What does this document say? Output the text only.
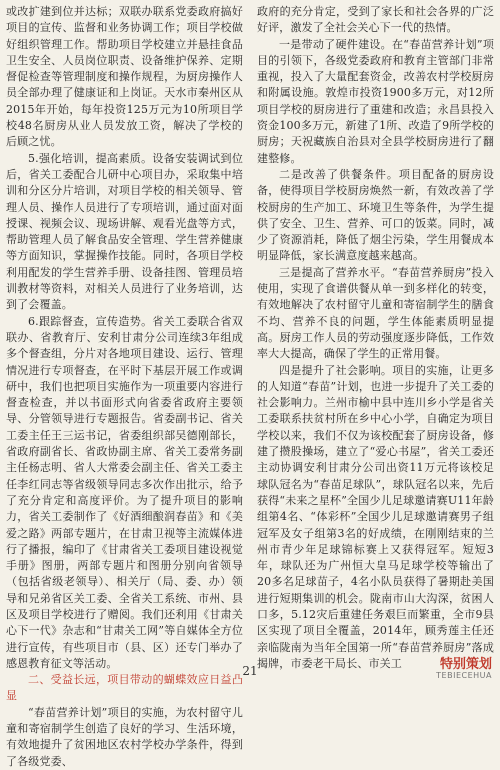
或改扩建到位并达标；双联办联系党委政府搞好项目的宣传、监督和业务协调工作；项目学校做好组织管理工作。帮助项目学校建立并悬挂食品卫生安全、人员岗位职责、设备维护保养、定期督促检查等管理制度和操作规程，为厨房操作人员全部办理了健康证和上岗证。天水市秦州区从2015年开始，每年投资125万元为10所项目学校48名厨房从业人员发放工资，解决了学校的后顾之忧。

5.强化培训，提高素质。设备安装调试到位后，省关工委配合儿研中心项目办，采取集中培训和分区分片培训，对项目学校的相关领导、管理人员、操作人员进行了专项培训，通过面对面授课、视频会议、现场讲解、观看光盘等方式，帮助管理人员了解食品安全管理、学生营养健康等方面知识，掌握操作技能。同时，各项目学校利用配发的学生营养手册、设备挂图、管理员培训教材等资料，对相关人员进行了业务培训，达到了会覆盖。

6.跟踪督查，宣传造势。省关工委联合省双联办、省教育厅、安利甘肃分公司连续3年组成多个督查组，分片对各地项目建设、运行、管理情况进行专项督查，在平时下基层开展工作或调研中，我们也把项目实施作为一项重要内容进行督查检查，并以书面形式向省委省政府主要领导、分管领导进行专题报告。省委副书记、省关工委主任王三运书记，省委组织部吴德刚部长，省政府副省长、省政协副主席、省关工委常务副主任杨志明、省人大常委会副主任、省关工委主任李红同志等省级领导同志多次作出批示，给予了充分肯定和高度评价。为了提升项目的影响力，省关工委制作了《好酒细酿润春苗》和《美爱之路》两部专题片，在甘肃卫视等主流媒体进行了播报，编印了《甘肃省关工委项目建设视觉手册》图册，两部专题片和图册分别向省领导（包括省级老领导）、相关厅（局、委、办）领导和兄弟省区关工委、全省关工系统、市州、县区及项目学校进行了赠阅。我们还利用《甘肃关心下一代》杂志和“甘肃关工网”等自媒体全方位进行宣传，有些项目市（县、区）还专门举办了感恩教育征文等活动。

二、受益长远，项目带动的蝴蝶效应日益凸显

“春苗营养计划”项目的实施，为农村留守儿童和寄宿制学生创造了良好的学习、生活环境，有效地提升了贫困地区农村学校办学条件，得到了各级党委、

政府的充分肯定，受到了家长和社会各界的广泛好评，激发了全社会关心下一代的热情。

一是带动了硬件建设。在“春苗营养计划”项目的引领下，各级党委政府和教育主管部门非常重视，投入了大量配套资金，改善农村学校厨房和附属设施。敦煌市投资1900多万元，对12所项目学校的厨房进行了重建和改造；永昌县投入资金100多万元，新建了1所、改造了9所学校的厨房；天祝藏族自治县对全县学校厨房进行了翻建整修。

二是改善了供餐条件。项目配备的厨房设备，使得项目学校厨房焕然一新，有效改善了学校厨房的生产加工、环境卫生等条件，为学生提供了安全、卫生、营养、可口的饭菜。同时，减少了资源消耗，降低了烟尘污染，学生用餐成本明显降低，家长满意度越来越高。

三是提高了营养水平。“春苗营养厨房”投入使用，实现了食谱供餐从单一到多样化的转变，有效地解决了农村留守儿童和寄宿制学生的膳食不均、营养不良的问题，学生体能素质明显提高。厨房工作人员的劳动强度逐步降低，工作效率大大提高，确保了学生的正常用餐。

四是提升了社会影响。项目的实施，让更多的人知道“春苗”计划，也进一步提升了关工委的社会影响力。兰州市榆中县中连川乡小学是省关工委联系扶贫村所在乡中心小学，自确定为项目学校以来，我们不仅为该校配套了厨房设备，修建了攒股操场，建立了“爱心书屋”，省关工委还主动协调安利甘肃分公司出资11万元将该校足球队冠名为“春苗足球队”，球队冠名以来，先后获得“未来之星杯”全国少儿足球邀请赛U11年龄组第4名、“体彩杯”全国少儿足球邀请赛男子组冠军及女子组第3名的好成绩，在刚刚结束的兰州市青少年足球锦标赛上又获得冠军。短短3年，球队还为广州恒大皇马足球学校等输出了20多名足球苗子，4名小队员获得了暑期赴美国进行短期集训的机会。陇南市山大沟深，贫困人口多，5.12灾后重建任务艰巨而繁重，全市9县区实现了项目全覆盖，2014年，顾秀莲主任还亲临陇南为当年全国第一所“春苗营养厨房”落成揭牌，市委老干局长、市关工

21	特别策划
TEBIECEHUA
